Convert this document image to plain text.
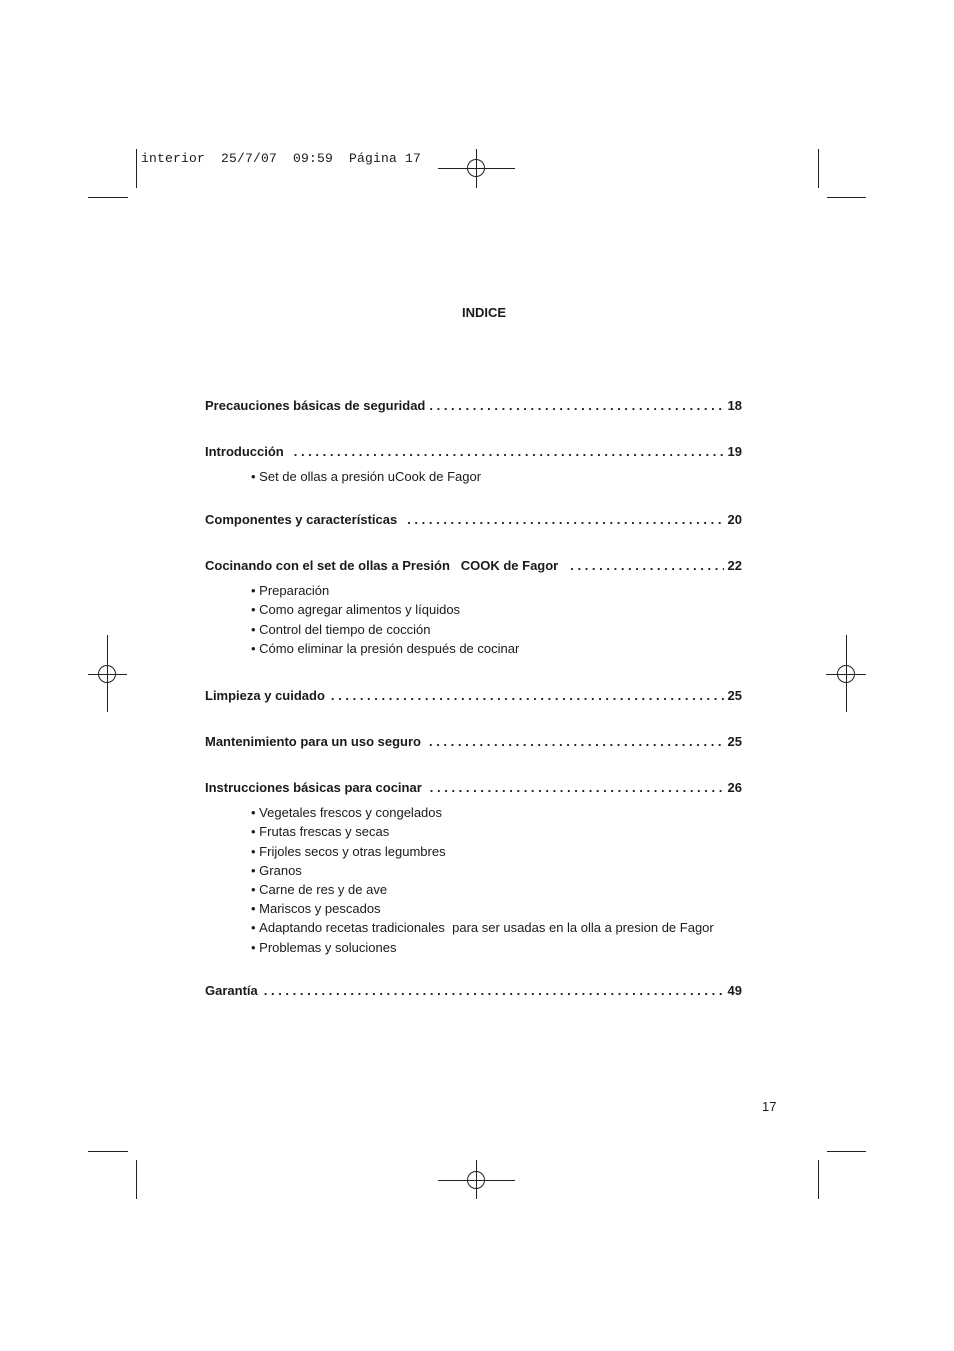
interior  25/7/07  09:59  Página 17
INDICE
Precauciones básicas de seguridad . . .	18
Introducción . . .	19
• Set de ollas a presión uCook de Fagor
Componentes y características . . .	20
Cocinando con el set de ollas a Presión   COOK de Fagor . . .	22
• Preparación
• Como agregar alimentos y líquidos
• Control del tiempo de cocción
• Cómo eliminar la presión después de cocinar
Limpieza y cuidado . . .	25
Mantenimiento para un uso seguro . . .	25
Instrucciones básicas para cocinar . . .	26
• Vegetales frescos y congelados
• Frutas frescas y secas
• Frijoles secos y otras legumbres
• Granos
• Carne de res y de ave
• Mariscos y pescados
• Adaptando recetas tradicionales  para ser usadas en la olla a presion de Fagor
• Problemas y soluciones
Garantía . . .	49
17
